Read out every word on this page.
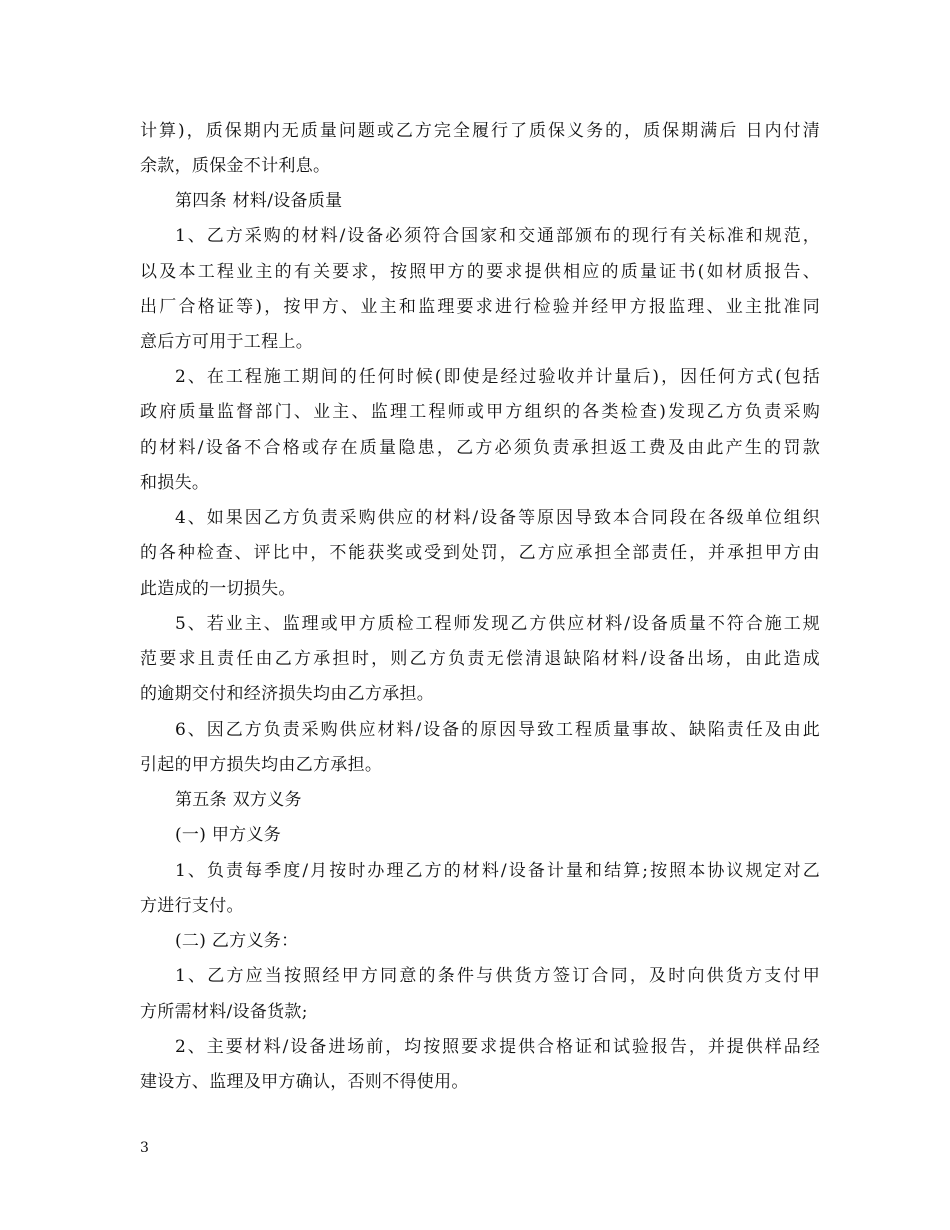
计算)，质保期内无质量问题或乙方完全履行了质保义务的，质保期满后 日内付清
余款，质保金不计利息。
第四条 材料/设备质量
1、乙方采购的材料/设备必须符合国家和交通部颁布的现行有关标准和规范，
以及本工程业主的有关要求，按照甲方的要求提供相应的质量证书(如材质报告、
出厂合格证等)，按甲方、业主和监理要求进行检验并经甲方报监理、业主批准同
意后方可用于工程上。
2、在工程施工期间的任何时候(即使是经过验收并计量后)，因任何方式(包括
政府质量监督部门、业主、监理工程师或甲方组织的各类检查)发现乙方负责采购
的材料/设备不合格或存在质量隐患，乙方必须负责承担返工费及由此产生的罚款
和损失。
4、如果因乙方负责采购供应的材料/设备等原因导致本合同段在各级单位组织
的各种检查、评比中，不能获奖或受到处罚，乙方应承担全部责任，并承担甲方由
此造成的一切损失。
5、若业主、监理或甲方质检工程师发现乙方供应材料/设备质量不符合施工规
范要求且责任由乙方承担时，则乙方负责无偿清退缺陷材料/设备出场，由此造成
的逾期交付和经济损失均由乙方承担。
6、因乙方负责采购供应材料/设备的原因导致工程质量事故、缺陷责任及由此
引起的甲方损失均由乙方承担。
第五条 双方义务
(一) 甲方义务
1、负责每季度/月按时办理乙方的材料/设备计量和结算;按照本协议规定对乙
方进行支付。
(二) 乙方义务：
1、乙方应当按照经甲方同意的条件与供货方签订合同，及时向供货方支付甲
方所需材料/设备货款;
2、主要材料/设备进场前，均按照要求提供合格证和试验报告，并提供样品经
建设方、监理及甲方确认，否则不得使用。
3
